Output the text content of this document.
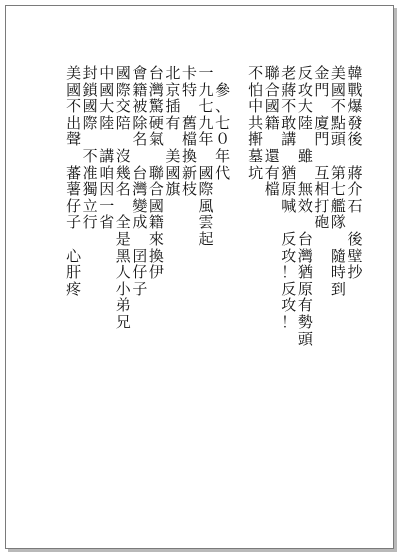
韓
戰
爆
發
後
蔣
介
石
後
壁
抄
美
國
不
點
頭
第
七
艦
隊
隨
時
到
金
門
廈
門
互
相
打
砲
反
攻
大
陸
雖
無
效
台
灣
猶
原
有
勢
頭
老
蔣
不
敢
講
猶
原
喊
反
攻
！
反
攻
！
聯
合
國
籍
還
有
檔
不
怕
中
共
搟
墓
坑
參
、
七
０
年
代
一
九
七
九
年
國
際
風
雲
起
卡
特
舊
檔
換
新
枝
北
京
插
有
美
國
旗
台
灣
驚
硬
氣
聯
合
國
籍
來
換
伊
會
籍
被
除
名
台
灣
變
成
囝
仔
子
國
際
交
陪
沒
幾
名
全
是
黑
人
小
弟
兄
中
國
大
陸
講
咱
因
一
省
封
鎖
國
際
不
准
獨
立
行
美
國
不
出
聲
蕃
薯
仔
子
心
肝
疼
